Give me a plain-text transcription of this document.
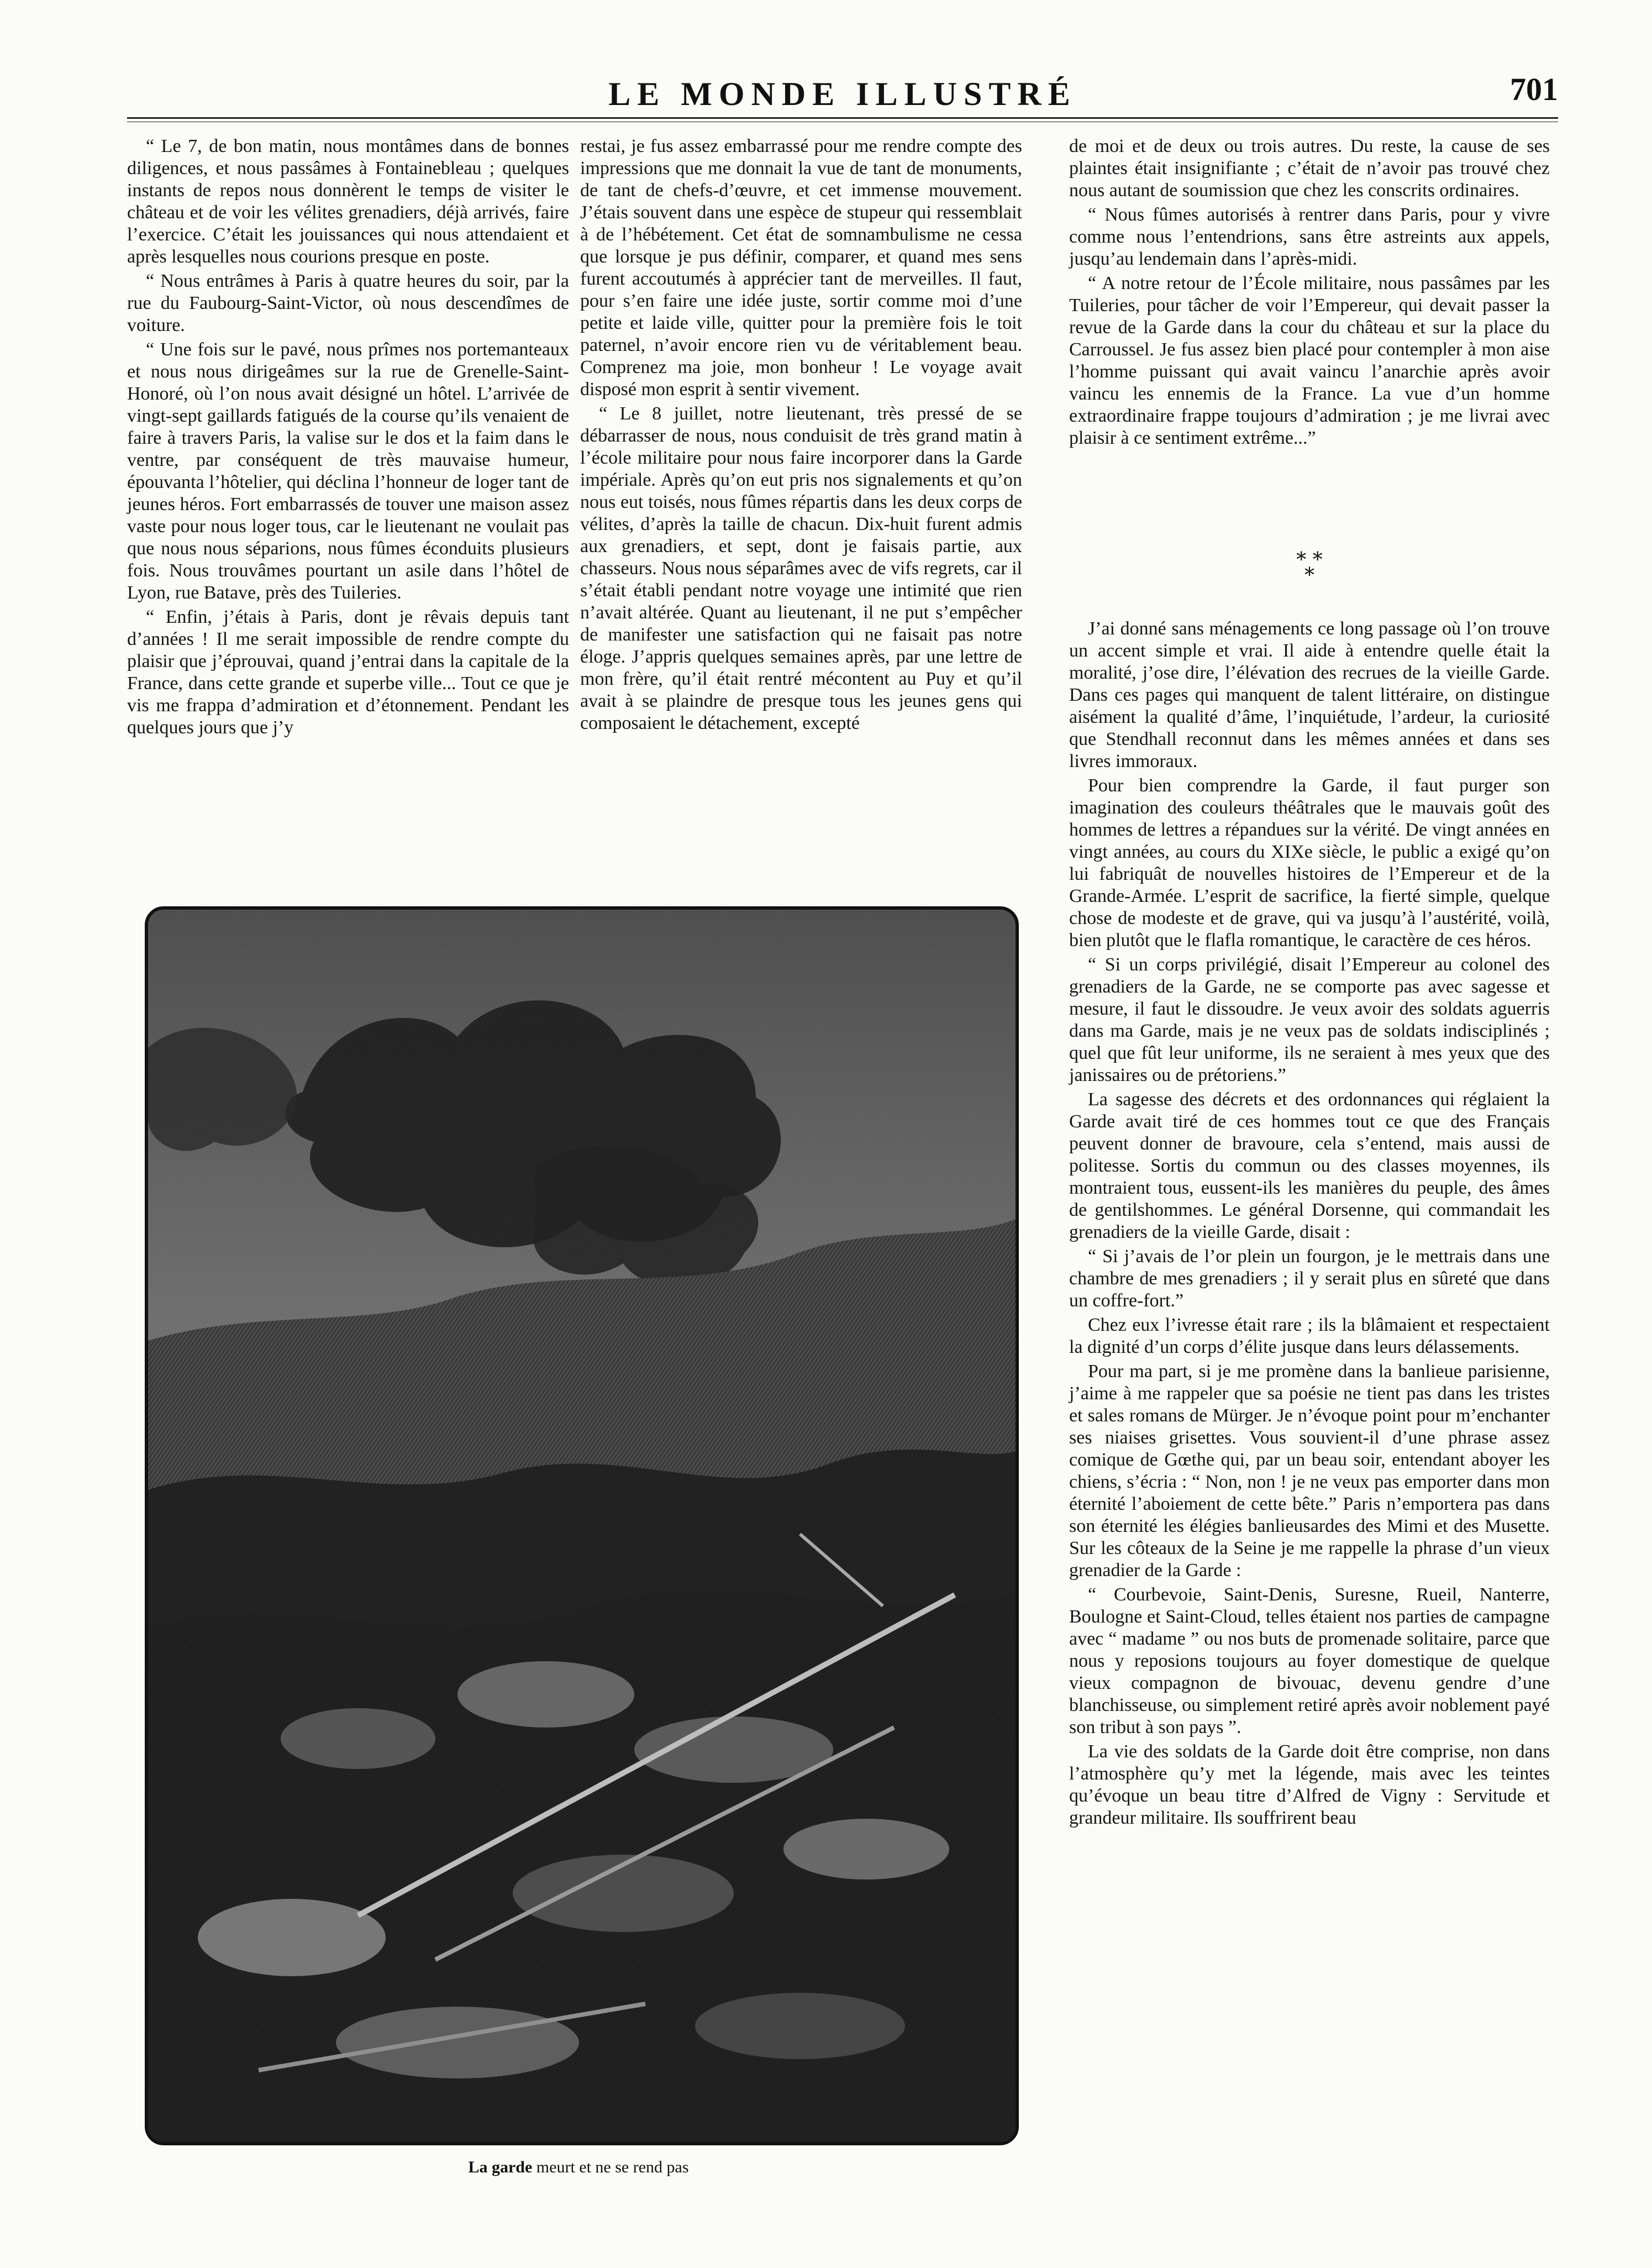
LE MONDE ILLUSTRÉ	701

“ Le 7, de bon matin, nous montâmes dans de bonnes diligences, et nous passâmes à Fontainebleau ; quelques instants de repos nous donnèrent le temps de visiter le château et de voir les vélites grenadiers, déjà arrivés, faire l’exercice. C’était les jouissances qui nous attendaient et après lesquelles nous courions presque en poste.

“ Nous entrâmes à Paris à quatre heures du soir, par la rue du Faubourg-Saint-Victor, où nous descendîmes de voiture.

“ Une fois sur le pavé, nous prîmes nos portemanteaux et nous nous dirigeâmes sur la rue de Grenelle-Saint-Honoré, où l’on nous avait désigné un hôtel. L’arrivée de vingt-sept gaillards fatigués de la course qu’ils venaient de faire à travers Paris, la valise sur le dos et la faim dans le ventre, par conséquent de très mauvaise humeur, épouvanta l’hôtelier, qui déclina l’honneur de loger tant de jeunes héros. Fort embarrassés de touver une maison assez vaste pour nous loger tous, car le lieutenant ne voulait pas que nous nous séparions, nous fûmes éconduits plusieurs fois. Nous trouvâmes pourtant un asile dans l’hôtel de Lyon, rue Batave, près des Tuileries.

“ Enfin, j’étais à Paris, dont je rêvais depuis tant d’années ! Il me serait impossible de rendre compte du plaisir que j’éprouvai, quand j’entrai dans la capitale de la France, dans cette grande et superbe ville... Tout ce que je vis me frappa d’admiration et d’étonnement. Pendant les quelques jours que j’y

restai, je fus assez embarrassé pour me rendre compte des impressions que me donnait la vue de tant de monuments, de tant de chefs-d’œuvre, et cet immense mouvement. J’étais souvent dans une espèce de stupeur qui ressemblait à de l’hébétement. Cet état de somnambulisme ne cessa que lorsque je pus définir, comparer, et quand mes sens furent accoutumés à apprécier tant de merveilles. Il faut, pour s’en faire une idée juste, sortir comme moi d’une petite et laide ville, quitter pour la première fois le toit paternel, n’avoir encore rien vu de véritablement beau. Comprenez ma joie, mon bonheur ! Le voyage avait disposé mon esprit à sentir vivement.

“ Le 8 juillet, notre lieutenant, très pressé de se débarrasser de nous, nous conduisit de très grand matin à l’école militaire pour nous faire incorporer dans la Garde impériale. Après qu’on eut pris nos signalements et qu’on nous eut toisés, nous fûmes répartis dans les deux corps de vélites, d’après la taille de chacun. Dix-huit furent admis aux grenadiers, et sept, dont je faisais partie, aux chasseurs. Nous nous séparâmes avec de vifs regrets, car il s’était établi pendant notre voyage une intimité que rien n’avait altérée. Quant au lieutenant, il ne put s’empêcher de manifester une satisfaction qui ne faisait pas notre éloge. J’appris quelques semaines après, par une lettre de mon frère, qu’il était rentré mécontent au Puy et qu’il avait à se plaindre de presque tous les jeunes gens qui composaient le détachement, excepté

de moi et de deux ou trois autres. Du reste, la cause de ses plaintes était insignifiante ; c’était de n’avoir pas trouvé chez nous autant de soumission que chez les conscrits ordinaires.

“ Nous fûmes autorisés à rentrer dans Paris, pour y vivre comme nous l’entendrions, sans être astreints aux appels, jusqu’au lendemain dans l’après-midi.

“ A notre retour de l’École militaire, nous passâmes par les Tuileries, pour tâcher de voir l’Empereur, qui devait passer la revue de la Garde dans la cour du château et sur la place du Carroussel. Je fus assez bien placé pour contempler à mon aise l’homme puissant qui avait vaincu l’anarchie après avoir vaincu les ennemis de la France. La vue d’un homme extraordinaire frappe toujours d’admiration ; je me livrai avec plaisir à ce sentiment extrême...”

* *
*

J’ai donné sans ménagements ce long passage où l’on trouve un accent simple et vrai. Il aide à entendre quelle était la moralité, j’ose dire, l’élévation des recrues de la vieille Garde. Dans ces pages qui manquent de talent littéraire, on distingue aisément la qualité d’âme, l’inquiétude, l’ardeur, la curiosité que Stendhall reconnut dans les mêmes années et dans ses livres immoraux.

Pour bien comprendre la Garde, il faut purger son imagination des couleurs théâtrales que le mauvais goût des hommes de lettres a répandues sur la vérité. De vingt années en vingt années, au cours du XIXe siècle, le public a exigé qu’on lui fabriquât de nouvelles histoires de l’Empereur et de la Grande-Armée. L’esprit de sacrifice, la fierté simple, quelque chose de modeste et de grave, qui va jusqu’à l’austérité, voilà, bien plutôt que le flafla romantique, le caractère de ces héros.

“ Si un corps privilégié, disait l’Empereur au colonel des grenadiers de la Garde, ne se comporte pas avec sagesse et mesure, il faut le dissoudre. Je veux avoir des soldats aguerris dans ma Garde, mais je ne veux pas de soldats indisciplinés ; quel que fût leur uniforme, ils ne seraient à mes yeux que des janissaires ou de prétoriens.”

La sagesse des décrets et des ordonnances qui réglaient la Garde avait tiré de ces hommes tout ce que des Français peuvent donner de bravoure, cela s’entend, mais aussi de politesse. Sortis du commun ou des classes moyennes, ils montraient tous, eussent-ils les manières du peuple, des âmes de gentilshommes. Le général Dorsenne, qui commandait les grenadiers de la vieille Garde, disait :

“ Si j’avais de l’or plein un fourgon, je le mettrais dans une chambre de mes grenadiers ; il y serait plus en sûreté que dans un coffre-fort.”

Chez eux l’ivresse était rare ; ils la blâmaient et respectaient la dignité d’un corps d’élite jusque dans leurs délassements.

Pour ma part, si je me promène dans la banlieue parisienne, j’aime à me rappeler que sa poésie ne tient pas dans les tristes et sales romans de Mürger. Je n’évoque point pour m’enchanter ses niaises grisettes. Vous souvient-il d’une phrase assez comique de Gœthe qui, par un beau soir, entendant aboyer les chiens, s’écria : “ Non, non ! je ne veux pas emporter dans mon éternité l’aboiement de cette bête.” Paris n’emportera pas dans son éternité les élégies banlieusardes des Mimi et des Musette. Sur les côteaux de la Seine je me rappelle la phrase d’un vieux grenadier de la Garde :

“ Courbevoie, Saint-Denis, Suresne, Rueil, Nanterre, Boulogne et Saint-Cloud, telles étaient nos parties de campagne avec “ madame ” ou nos buts de promenade solitaire, parce que nous y reposions toujours au foyer domestique de quelque vieux compagnon de bivouac, devenu gendre d’une blanchisseuse, ou simplement retiré après avoir noblement payé son tribut à son pays ”.

La vie des soldats de la Garde doit être comprise, non dans l’atmosphère qu’y met la légende, mais avec les teintes qu’évoque un beau titre d’Alfred de Vigny : Servitude et grandeur militaire. Ils souffrirent beau

La garde meurt et ne se rend pas
